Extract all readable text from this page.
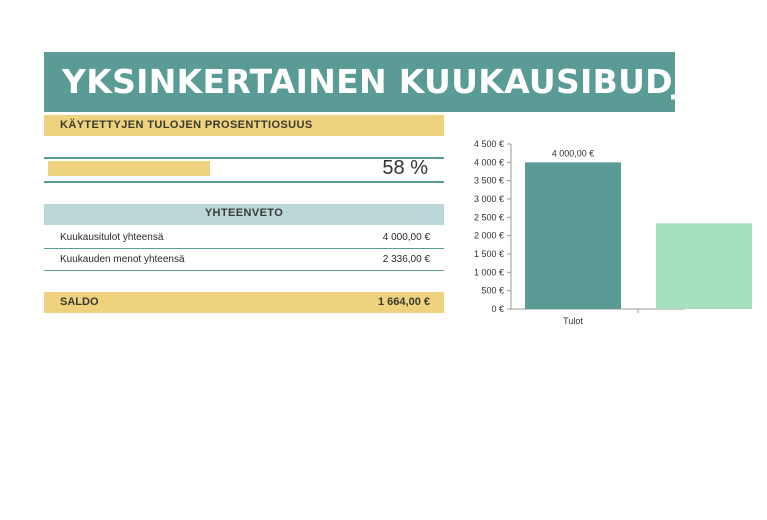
YKSINKERTAINEN KUUKAUSIBUDJETTI
KÄYTETTYJEN TULOJEN PROSENTTIOSUUS
58 %
YHTEENVETO
Kuukausitulot yhteensä	4 000,00 €
Kuukauden menot yhteensä	2 336,00 €
SALDO	1 664,00 €
0 €
500 €
1 000 €
1 500 €
2 000 €
2 500 €
3 000 €
3 500 €
4 000 €
4 500 €
4 000,00 €
Tulot
